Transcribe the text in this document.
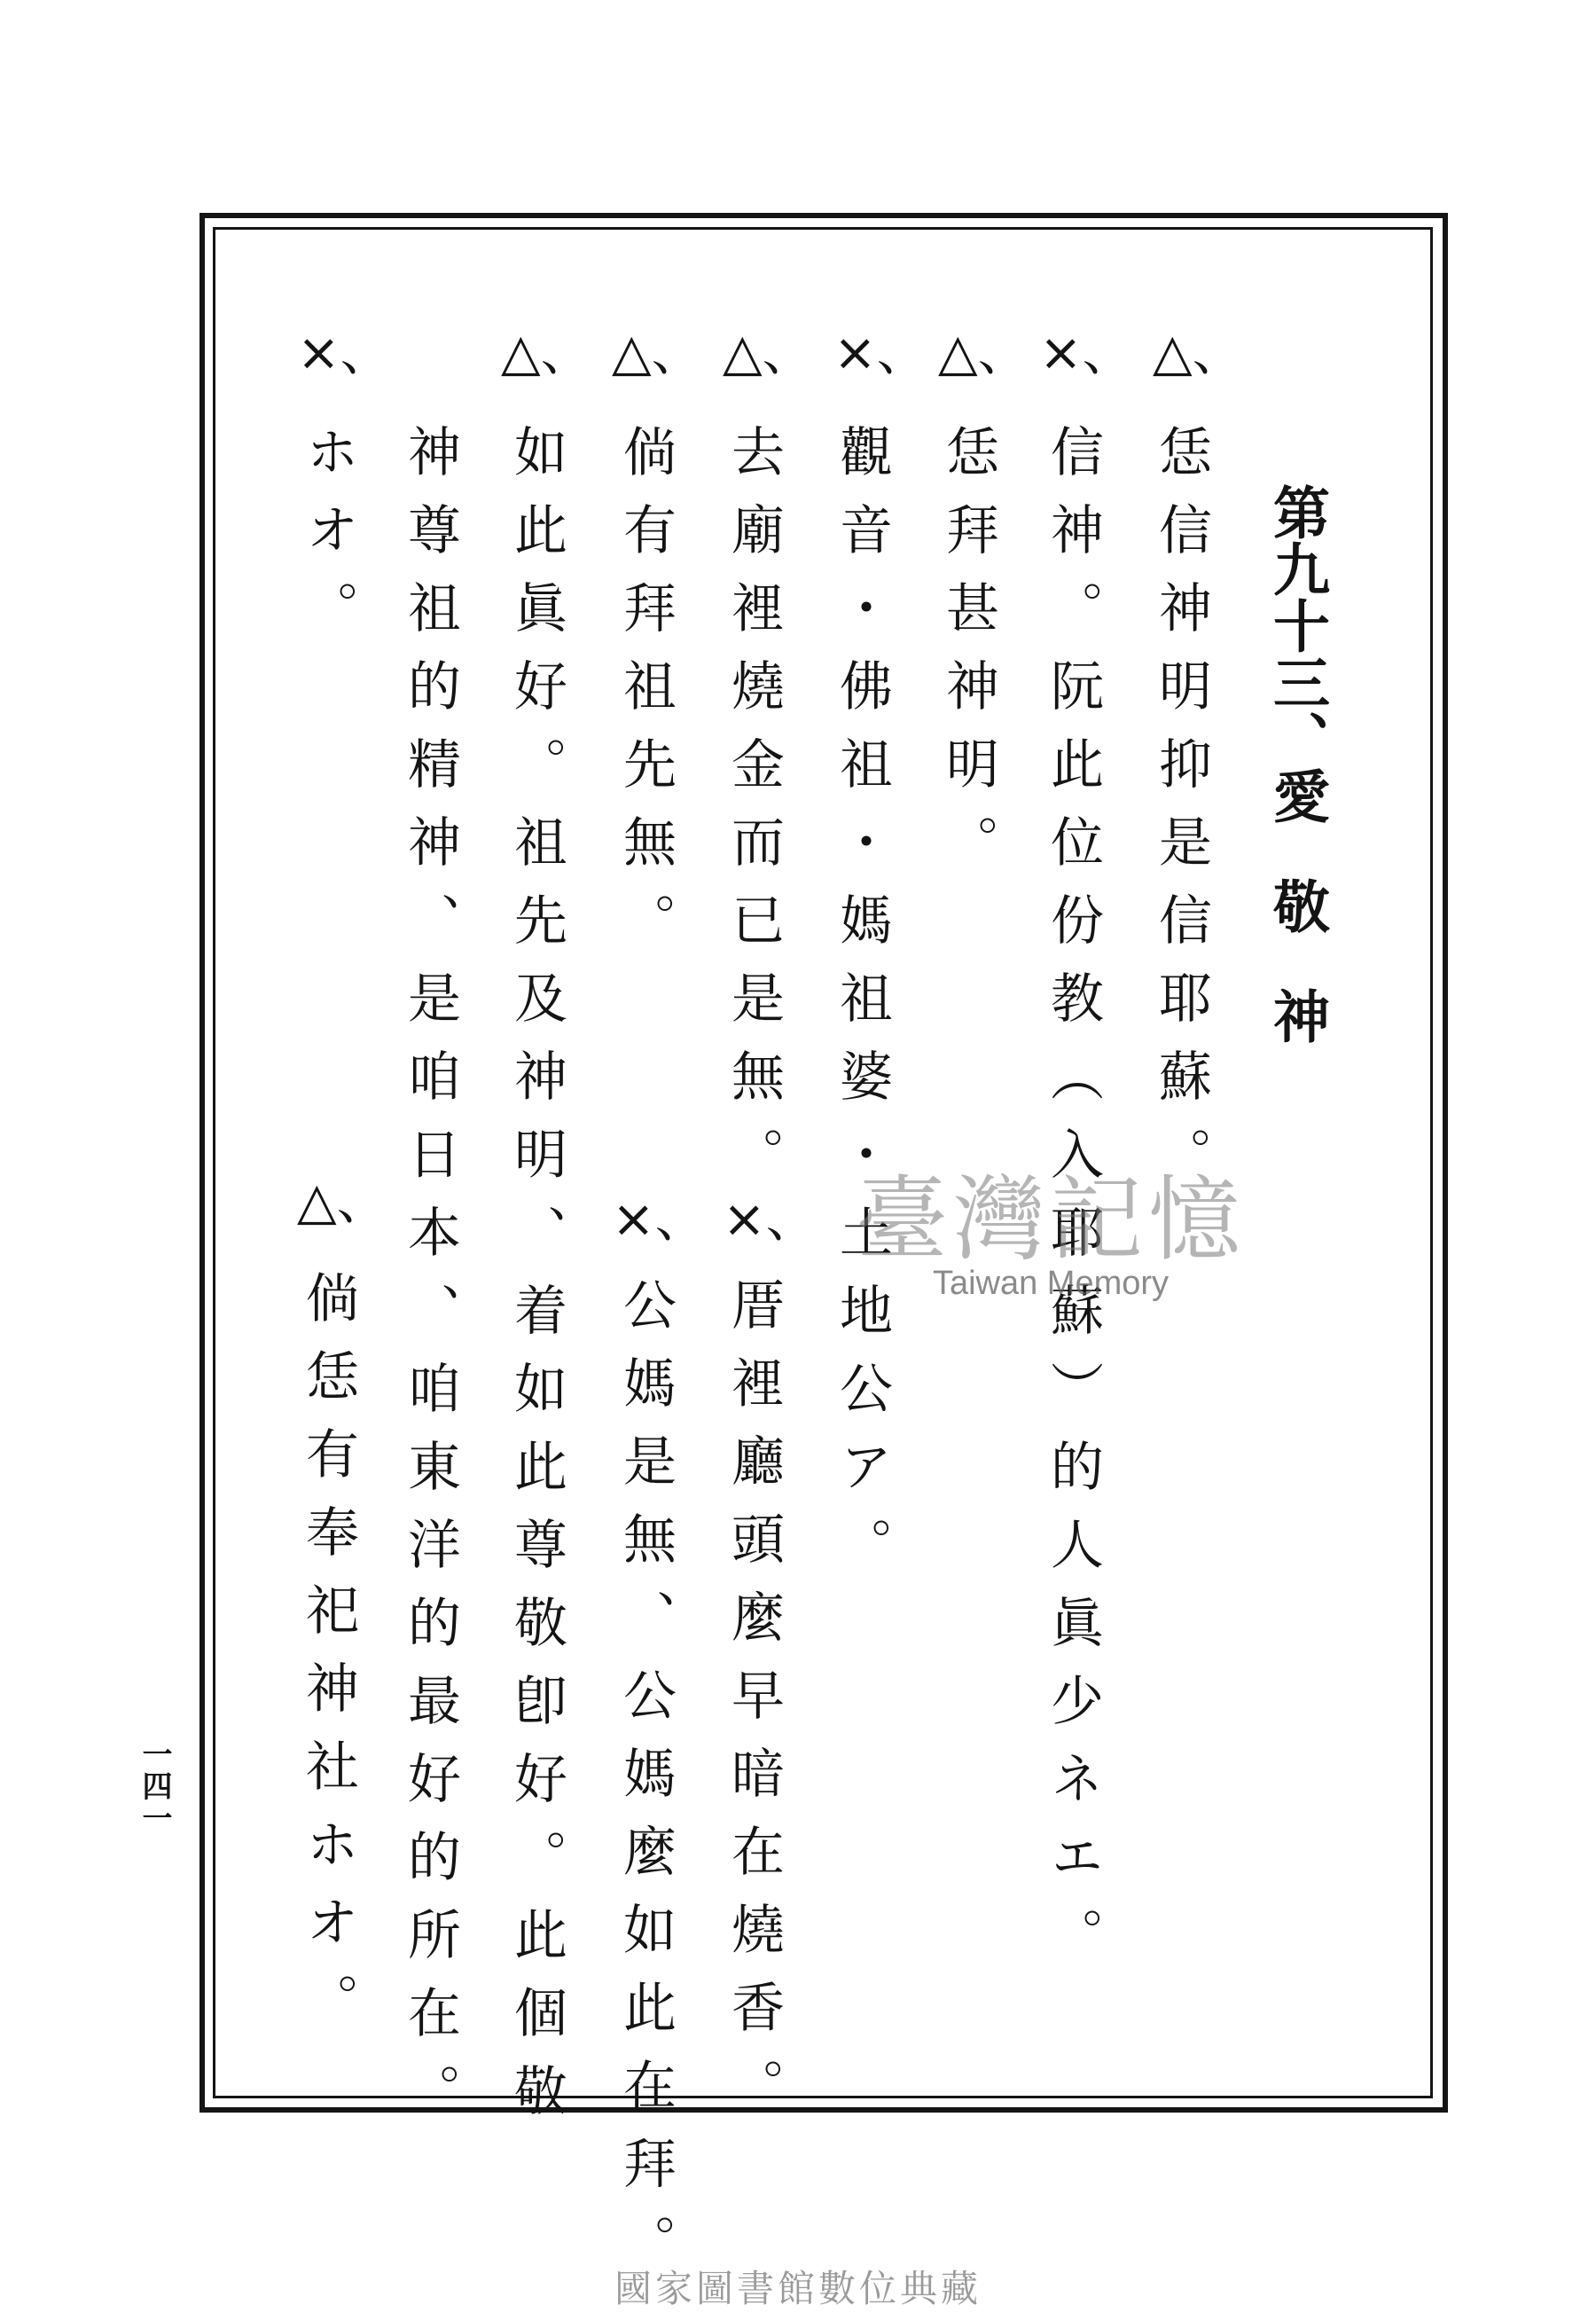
第九十三、愛敬神
△、
恁信神明抑是信耶蘇。
×、
信神。阮此位份教（入耶蘇）的人眞少ネエ。
△、
恁拜甚神明。
×、
觀音・佛祖・媽祖婆・土地公ア。
△、
去廟裡燒金而已是無。
×、
厝裡廳頭麼早暗在燒香。
△、
倘有拜祖先無。
×、
公媽是無、公媽麼如此在拜。
△、
如此眞好。祖先及神明、着如此尊敬卽好。此個敬
神尊祖的精神、是咱日本、咱東洋的最好的所在。
×、
ホオ。
△、
倘恁有奉祀神社ホオ。
一四一
臺灣記憶
Taiwan Memory
國家圖書館數位典藏
